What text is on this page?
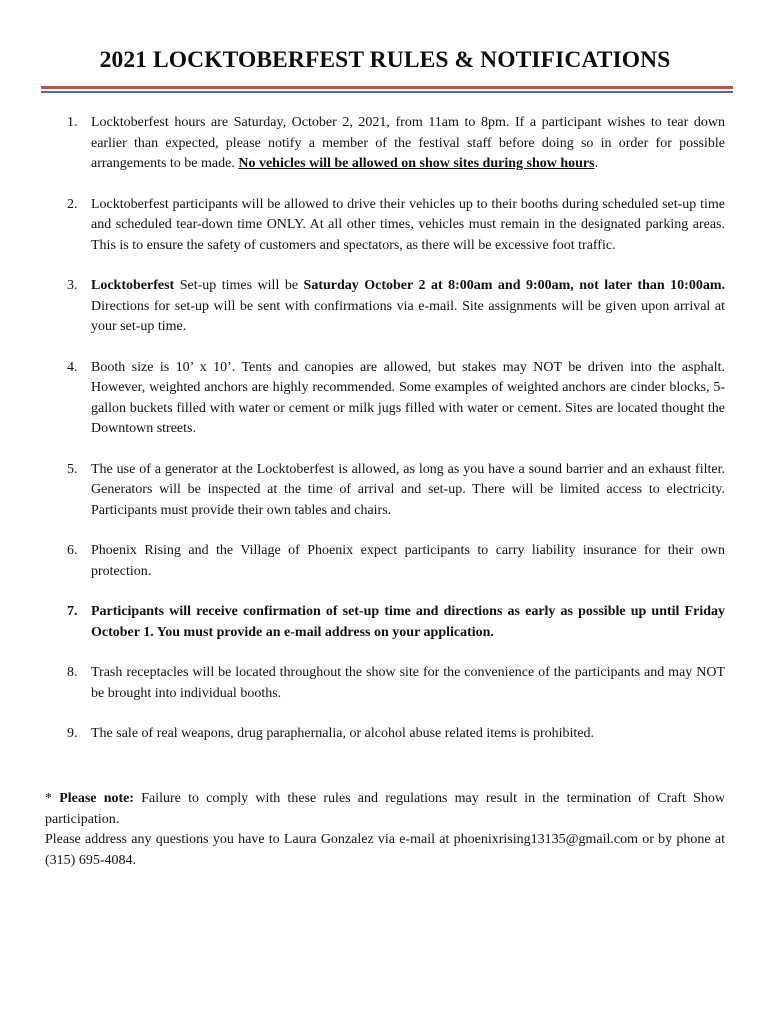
2021 LOCKTOBERFEST RULES & NOTIFICATIONS
1. Locktoberfest hours are Saturday, October 2, 2021, from 11am to 8pm. If a participant wishes to tear down earlier than expected, please notify a member of the festival staff before doing so in order for possible arrangements to be made. No vehicles will be allowed on show sites during show hours.
2. Locktoberfest participants will be allowed to drive their vehicles up to their booths during scheduled set-up time and scheduled tear-down time ONLY. At all other times, vehicles must remain in the designated parking areas. This is to ensure the safety of customers and spectators, as there will be excessive foot traffic.
3. Locktoberfest Set-up times will be Saturday October 2 at 8:00am and 9:00am, not later than 10:00am. Directions for set-up will be sent with confirmations via e-mail. Site assignments will be given upon arrival at your set-up time.
4. Booth size is 10’ x 10’. Tents and canopies are allowed, but stakes may NOT be driven into the asphalt. However, weighted anchors are highly recommended. Some examples of weighted anchors are cinder blocks, 5-gallon buckets filled with water or cement or milk jugs filled with water or cement. Sites are located thought the Downtown streets.
5. The use of a generator at the Locktoberfest is allowed, as long as you have a sound barrier and an exhaust filter. Generators will be inspected at the time of arrival and set-up. There will be limited access to electricity. Participants must provide their own tables and chairs.
6. Phoenix Rising and the Village of Phoenix expect participants to carry liability insurance for their own protection.
7. Participants will receive confirmation of set-up time and directions as early as possible up until Friday October 1. You must provide an e-mail address on your application.
8. Trash receptacles will be located throughout the show site for the convenience of the participants and may NOT be brought into individual booths.
9. The sale of real weapons, drug paraphernalia, or alcohol abuse related items is prohibited.

* Please note: Failure to comply with these rules and regulations may result in the termination of Craft Show participation.

Please address any questions you have to Laura Gonzalez via e-mail at phoenixrising13135@gmail.com or by phone at (315) 695-4084.
